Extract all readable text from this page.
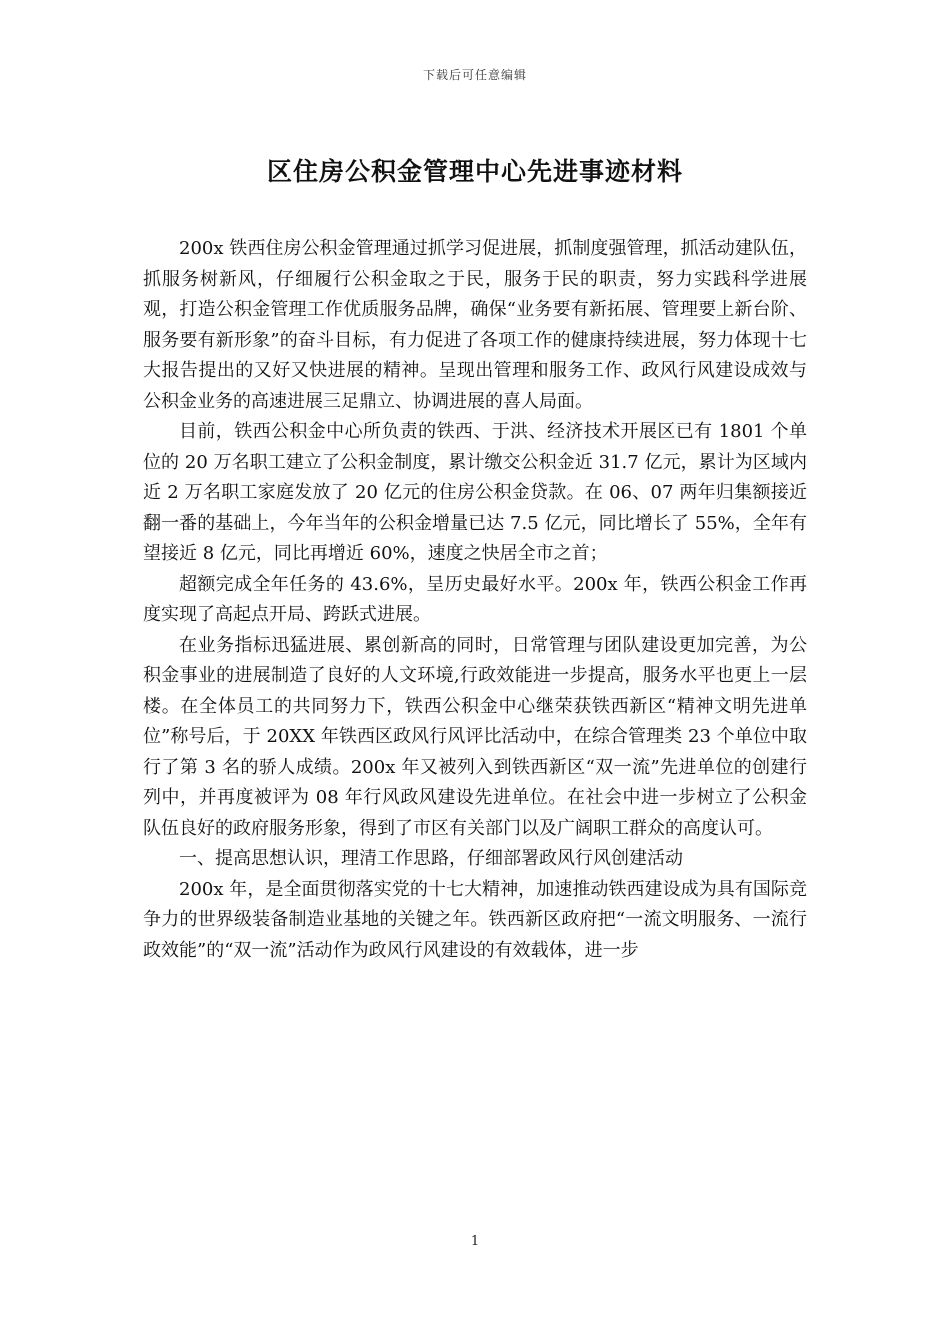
下载后可任意编辑
区住房公积金管理中心先进事迹材料

200x 铁西住房公积金管理通过抓学习促进展，抓制度强管理，抓活动建队伍，抓服务树新风，仔细履行公积金取之于民，服务于民的职责，努力实践科学进展观，打造公积金管理工作优质服务品牌，确保“业务要有新拓展、管理要上新台阶、服务要有新形象”的奋斗目标，有力促进了各项工作的健康持续进展，努力体现十七大报告提出的又好又快进展的精神。呈现出管理和服务工作、政风行风建设成效与公积金业务的高速进展三足鼎立、协调进展的喜人局面。

目前，铁西公积金中心所负责的铁西、于洪、经济技术开展区已有 1801 个单位的 20 万名职工建立了公积金制度，累计缴交公积金近 31.7 亿元，累计为区域内近 2 万名职工家庭发放了 20 亿元的住房公积金贷款。在 06、07 两年归集额接近翻一番的基础上，今年当年的公积金增量已达 7.5 亿元，同比增长了 55%，全年有望接近 8 亿元，同比再增近 60%，速度之快居全市之首；

超额完成全年任务的 43.6%，呈历史最好水平。200x 年，铁西公积金工作再度实现了高起点开局、跨跃式进展。

在业务指标迅猛进展、累创新高的同时，日常管理与团队建设更加完善，为公积金事业的进展制造了良好的人文环境,行政效能进一步提高，服务水平也更上一层楼。在全体员工的共同努力下，铁西公积金中心继荣获铁西新区“精神文明先进单位”称号后，于 20XX 年铁西区政风行风评比活动中，在综合管理类 23 个单位中取行了第 3 名的骄人成绩。200x 年又被列入到铁西新区“双一流”先进单位的创建行列中，并再度被评为 08 年行风政风建设先进单位。在社会中进一步树立了公积金队伍良好的政府服务形象，得到了市区有关部门以及广阔职工群众的高度认可。

一、提高思想认识，理清工作思路，仔细部署政风行风创建活动

200x 年，是全面贯彻落实党的十七大精神，加速推动铁西建设成为具有国际竞争力的世界级装备制造业基地的关键之年。铁西新区政府把“一流文明服务、一流行政效能”的“双一流”活动作为政风行风建设的有效载体，进一步

1
